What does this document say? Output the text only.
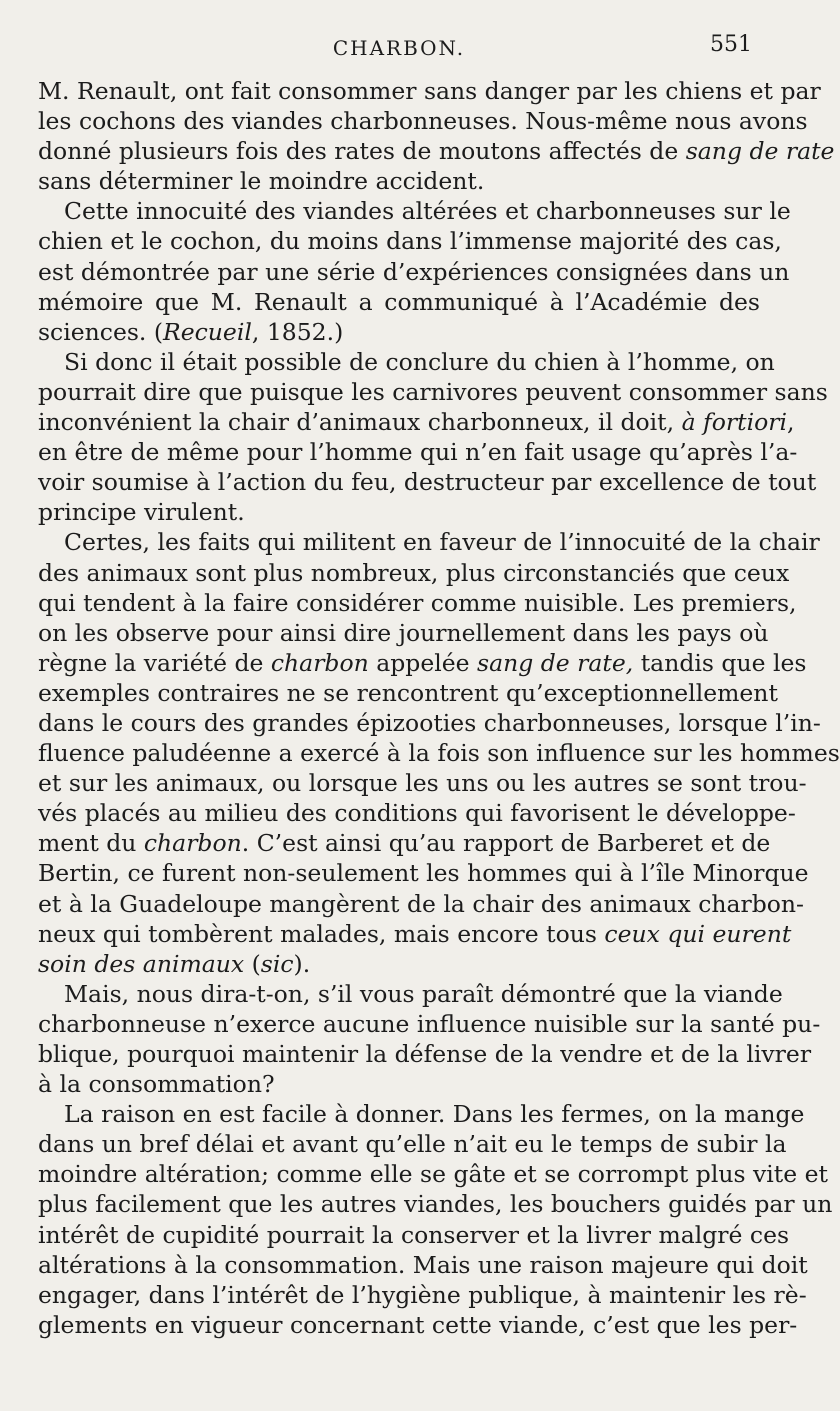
CHARBON.	551

M. Renault, ont fait consommer sans danger par les chiens et par
les cochons des viandes charbonneuses. Nous-même nous avons
donné plusieurs fois des rates de moutons affectés de sang de rate
sans déterminer le moindre accident.

Cette innocuité des viandes altérées et charbonneuses sur le
chien et le cochon, du moins dans l’immense majorité des cas,
est démontrée par une série d’expériences consignées dans un
mémoire que M. Renault a communiqué à l’Académie des
sciences. (Recueil, 1852.)

Si donc il était possible de conclure du chien à l’homme, on
pourrait dire que puisque les carnivores peuvent consommer sans
inconvénient la chair d’animaux charbonneux, il doit, à fortiori,
en être de même pour l’homme qui n’en fait usage qu’après l’a-
voir soumise à l’action du feu, destructeur par excellence de tout
principe virulent.

Certes, les faits qui militent en faveur de l’innocuité de la chair
des animaux sont plus nombreux, plus circonstanciés que ceux
qui tendent à la faire considérer comme nuisible. Les premiers,
on les observe pour ainsi dire journellement dans les pays où
règne la variété de charbon appelée sang de rate, tandis que les
exemples contraires ne se rencontrent qu’exceptionnellement
dans le cours des grandes épizooties charbonneuses, lorsque l’in-
fluence paludéenne a exercé à la fois son influence sur les hommes
et sur les animaux, ou lorsque les uns ou les autres se sont trou-
vés placés au milieu des conditions qui favorisent le développe-
ment du charbon. C’est ainsi qu’au rapport de Barberet et de
Bertin, ce furent non-seulement les hommes qui à l’île Minorque
et à la Guadeloupe mangèrent de la chair des animaux charbon-
neux qui tombèrent malades, mais encore tous ceux qui eurent
soin des animaux (sic).

Mais, nous dira-t-on, s’il vous paraît démontré que la viande
charbonneuse n’exerce aucune influence nuisible sur la santé pu-
blique, pourquoi maintenir la défense de la vendre et de la livrer
à la consommation?

La raison en est facile à donner. Dans les fermes, on la mange
dans un bref délai et avant qu’elle n’ait eu le temps de subir la
moindre altération; comme elle se gâte et se corrompt plus vite et
plus facilement que les autres viandes, les bouchers guidés par un
intérêt de cupidité pourrait la conserver et la livrer malgré ces
altérations à la consommation. Mais une raison majeure qui doit
engager, dans l’intérêt de l’hygiène publique, à maintenir les rè-
glements en vigueur concernant cette viande, c’est que les per-
